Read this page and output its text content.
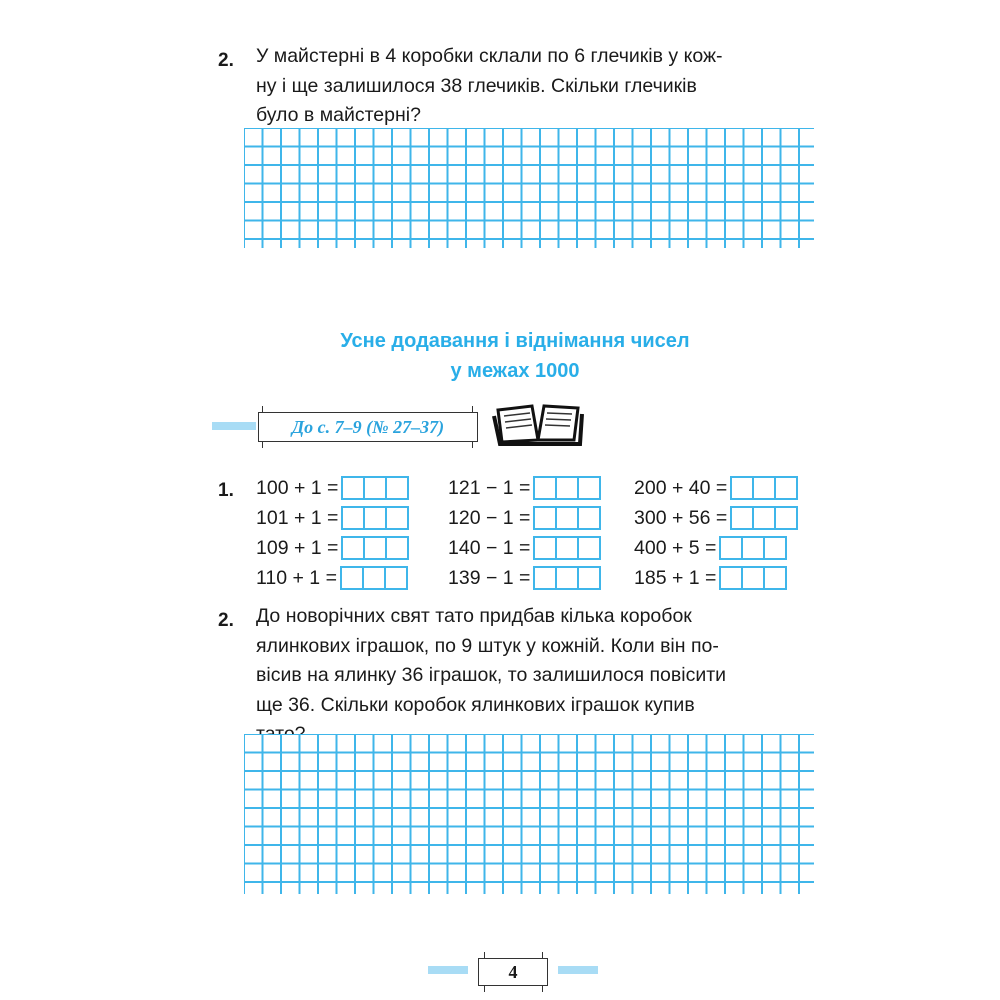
2. У майстерні в 4 коробки склали по 6 глечиків у кож-
ну і ще залишилося 38 глечиків. Скільки глечиків
було в майстерні?
Усне додавання і віднімання чисел
у межах 1000
До с. 7–9 (№ 27–37)
1. 100 + 1 =
101 + 1 =
109 + 1 =
110 + 1 =
121 − 1 =
120 − 1 =
140 − 1 =
139 − 1 =
200 + 40 =
300 + 56 =
400 + 5 =
185 + 1 =
2. До новорічних свят тато придбав кілька коробок
ялинкових іграшок, по 9 штук у кожній. Коли він по-
вісив на ялинку 36 іграшок, то залишилося повісити
ще 36. Скільки коробок ялинкових іграшок купив
4
